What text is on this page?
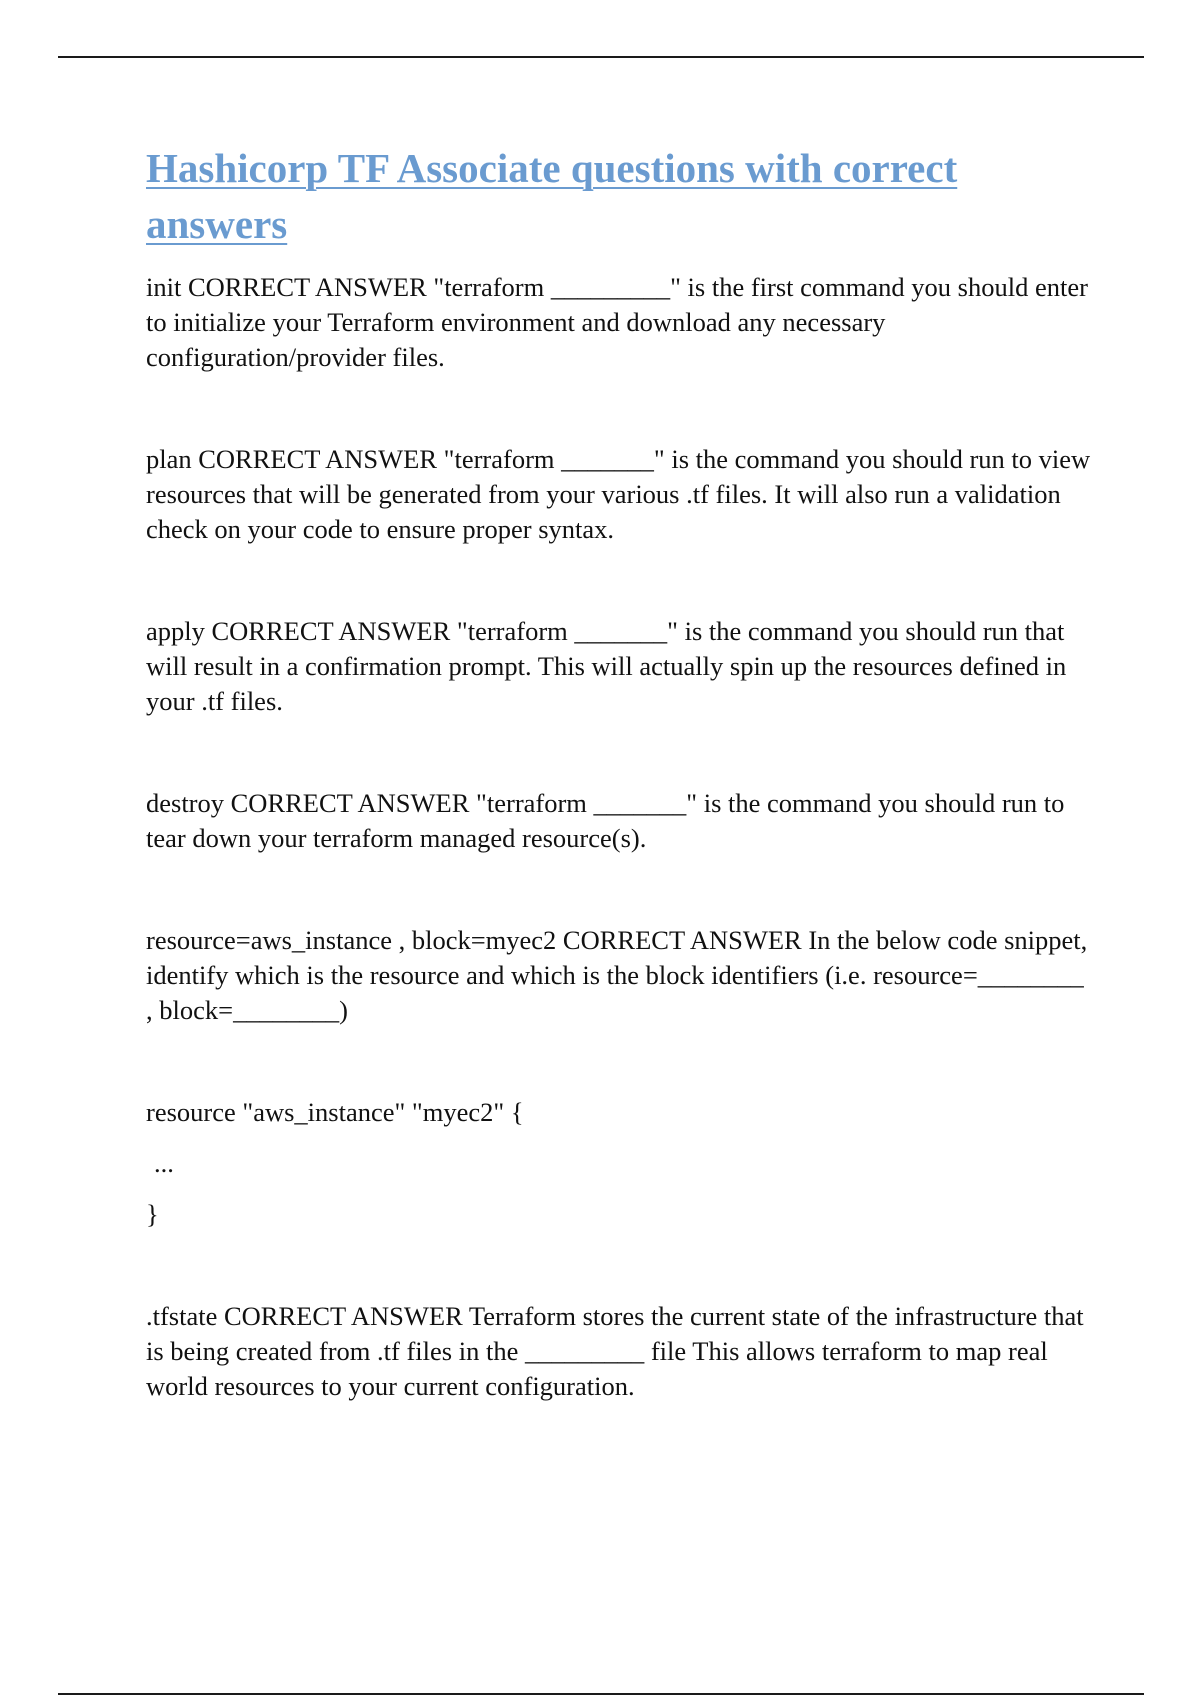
Hashicorp TF Associate questions with correct answers

init CORRECT ANSWER "terraform _________" is the first command you should enter to initialize your Terraform environment and download any necessary configuration/provider files.

plan CORRECT ANSWER "terraform _______" is the command you should run to view resources that will be generated from your various .tf files. It will also run a validation check on your code to ensure proper syntax.

apply CORRECT ANSWER "terraform _______" is the command you should run that will result in a confirmation prompt. This will actually spin up the resources defined in your .tf files.

destroy CORRECT ANSWER "terraform _______" is the command you should run to tear down your terraform managed resource(s).

resource=aws_instance , block=myec2 CORRECT ANSWER In the below code snippet, identify which is the resource and which is the block identifiers (i.e. resource=________ , block=________)

resource "aws_instance" "myec2" {

...

}

.tfstate CORRECT ANSWER Terraform stores the current state of the infrastructure that is being created from .tf files in the _________ file This allows terraform to map real world resources to your current configuration.
